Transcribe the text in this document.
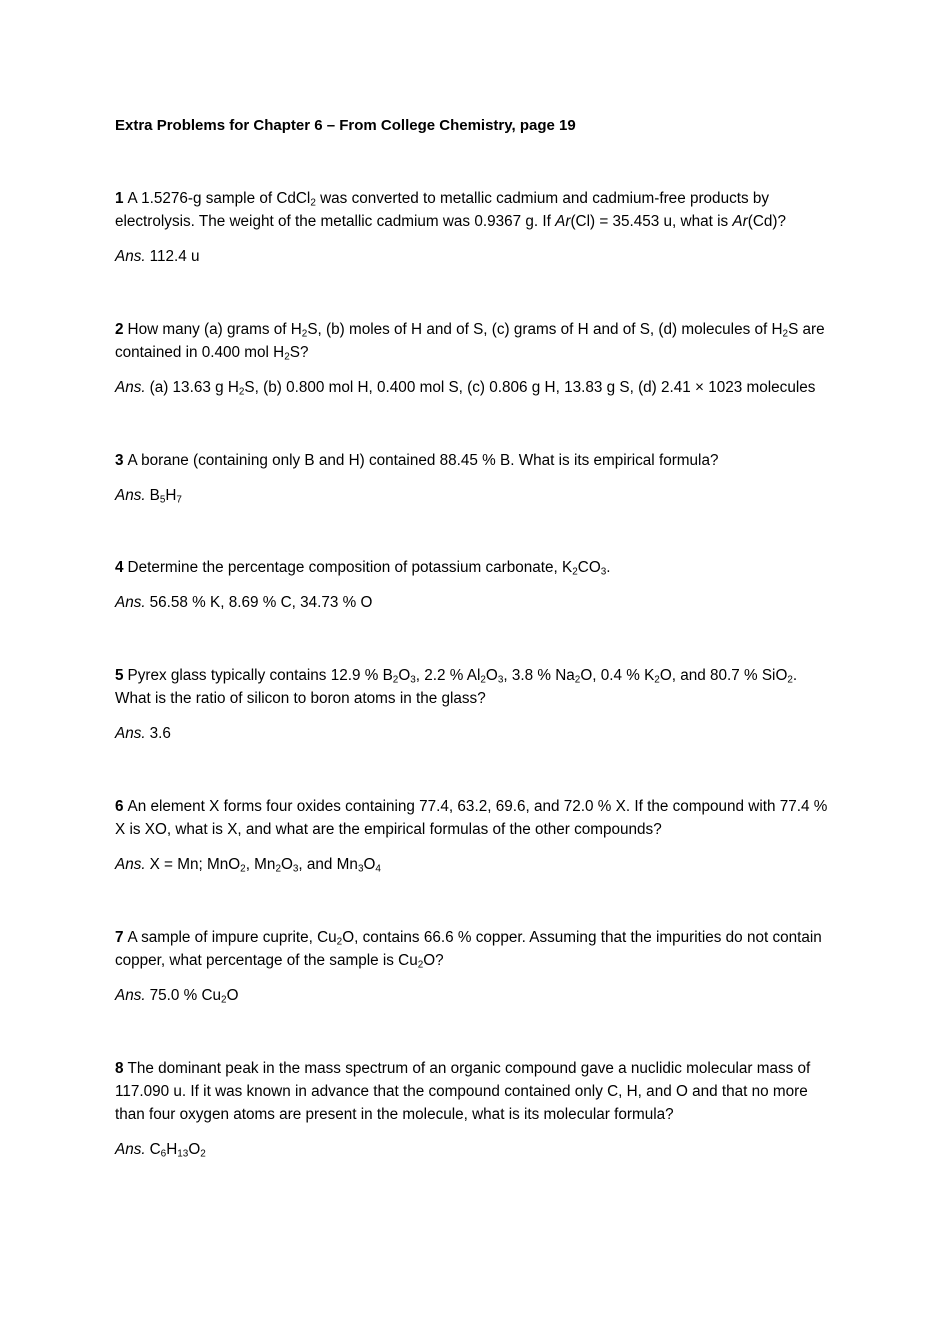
Extra Problems for Chapter 6 – From College Chemistry, page 19

1 A 1.5276-g sample of CdCl$_2$ was converted to metallic cadmium and cadmium-free products by electrolysis. The weight of the metallic cadmium was 0.9367 g. If Ar(Cl) = 35.453 u, what is Ar(Cd)?

Ans. 112.4 u

2 How many (a) grams of $H_2S$, (b) moles of H and of S, (c) grams of H and of S, (d) molecules of $H_2S$ are contained in 0.400 mol $H_2S$?

Ans. (a) 13.63 g $H_2S$, (b) 0.800 mol H, 0.400 mol S, (c) 0.806 g H, 13.83 g S, (d) 2.41 × 1023 molecules

3 A borane (containing only B and H) contained 88.45 % B. What is its empirical formula?

Ans. $B_5H_7$

4 Determine the percentage composition of potassium carbonate, $K_2CO_3$.

Ans. 56.58 % K, 8.69 % C, 34.73 % O

5 Pyrex glass typically contains 12.9 % $B_2O_3$, 2.2 % $Al_2O_3$, 3.8 % $Na_2O$, 0.4 % $K_2O$, and 80.7 % SiO$_2$. What is the ratio of silicon to boron atoms in the glass?

Ans. 3.6

6 An element X forms four oxides containing 77.4, 63.2, 69.6, and 72.0 % X. If the compound with 77.4 % X is XO, what is X, and what are the empirical formulas of the other compounds?

Ans. X = Mn; MnO$_2$, $Mn_2O_3$, and $Mn_3O_4$

7 A sample of impure cuprite, $Cu_2O$, contains 66.6 % copper. Assuming that the impurities do not contain copper, what percentage of the sample is $Cu_2O$?

Ans. 75.0 % $Cu_2O$

8 The dominant peak in the mass spectrum of an organic compound gave a nuclidic molecular mass of 117.090 u. If it was known in advance that the compound contained only C, H, and O and that no more than four oxygen atoms are present in the molecule, what is its molecular formula?

Ans. $C_6H_{13}O_2$
